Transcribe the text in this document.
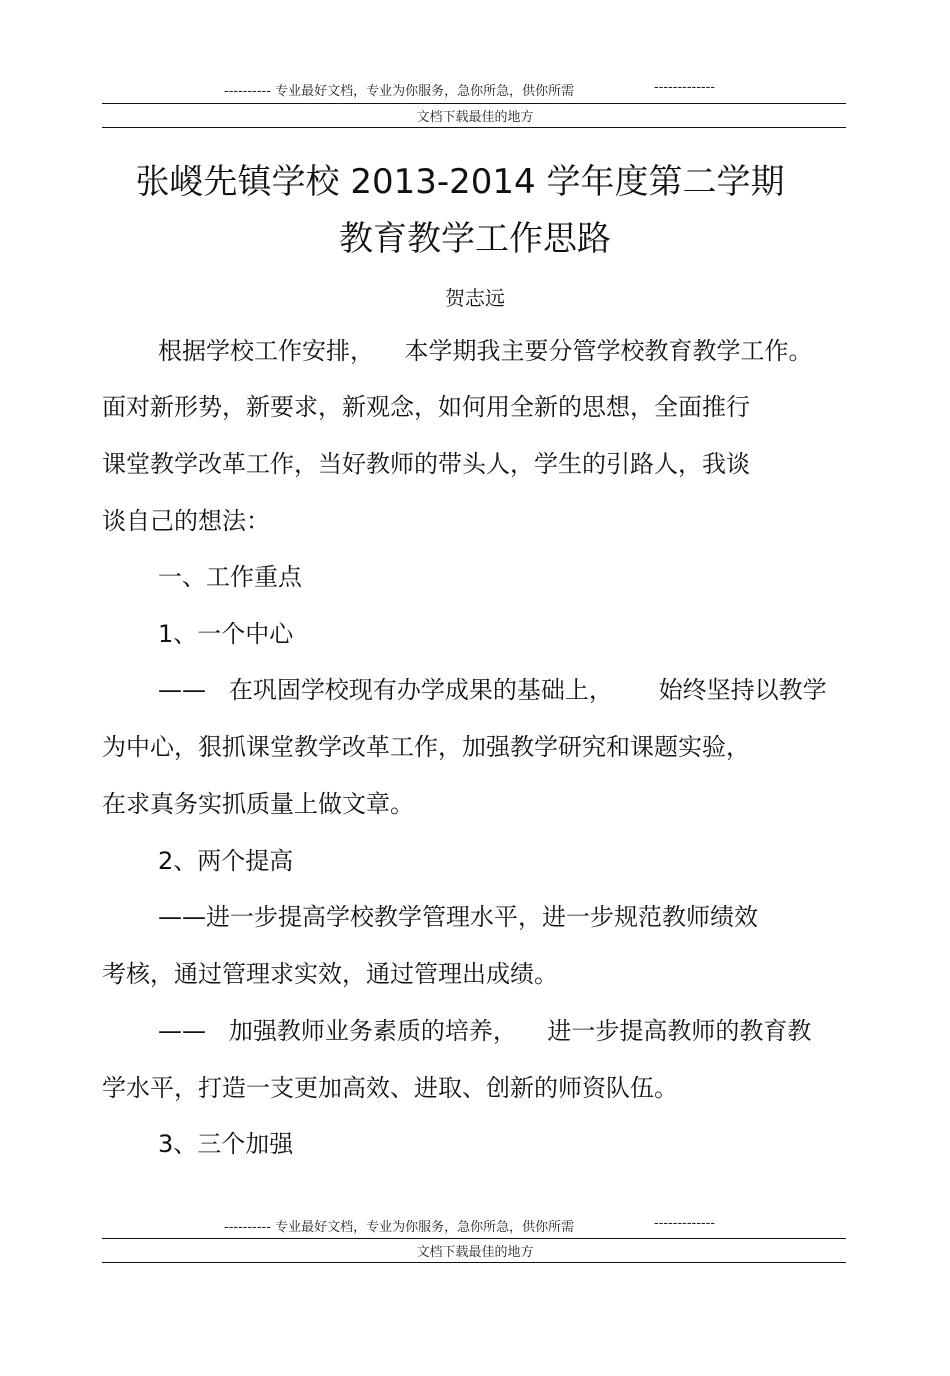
---------- 专业最好文档，专业为你服务，急你所急，供你所需	-------------
文档下载最佳的地方
张嵕先镇学校 2013-2014 学年度第二学期
教育教学工作思路
贺志远
根据学校工作安排，    本学期我主要分管学校教育教学工作。
面对新形势，新要求，新观念，如何用全新的思想，全面推行
课堂教学改革工作，当好教师的带头人，学生的引路人，我谈
谈自己的想法：
一、工作重点
1、一个中心
——   在巩固学校现有办学成果的基础上，      始终坚持以教学
为中心，狠抓课堂教学改革工作，加强教学研究和课题实验，
在求真务实抓质量上做文章。
2、两个提高
——进一步提高学校教学管理水平，进一步规范教师绩效
考核，通过管理求实效，通过管理出成绩。
——   加强教师业务素质的培养，    进一步提高教师的教育教
学水平，打造一支更加高效、进取、创新的师资队伍。
3、三个加强
---------- 专业最好文档，专业为你服务，急你所急，供你所需	-------------
文档下载最佳的地方
